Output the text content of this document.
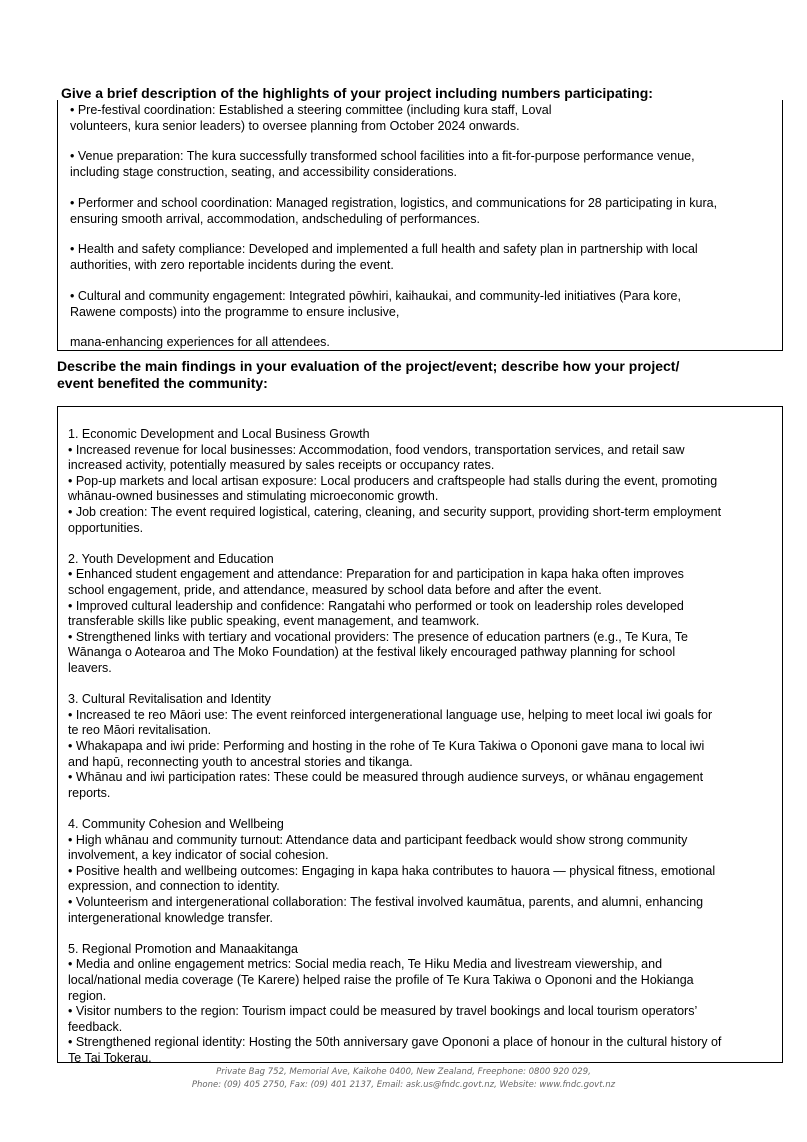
Give a brief description of the highlights of your project including numbers participating:

• Pre-festival coordination: Established a steering committee (including kura staff, Loval
volunteers, kura senior leaders) to oversee planning from October 2024 onwards.

• Venue preparation: The kura successfully transformed school facilities into a fit-for-purpose performance venue,
including stage construction, seating, and accessibility considerations.

• Performer and school coordination: Managed registration, logistics, and communications for 28 participating in kura,
ensuring smooth arrival, accommodation, andscheduling of performances.

• Health and safety compliance: Developed and implemented a full health and safety plan in partnership with local
authorities, with zero reportable incidents during the event.

• Cultural and community engagement: Integrated pōwhiri, kaihaukai, and community-led initiatives (Para kore,
Rawene composts) into the programme to ensure inclusive,

mana-enhancing experiences for all attendees.

Describe the main findings in your evaluation of the project/event; describe how your project/
event benefited the community:
1. Economic Development and Local Business Growth
• Increased revenue for local businesses: Accommodation, food vendors, transportation services, and retail saw
increased activity, potentially measured by sales receipts or occupancy rates.
• Pop-up markets and local artisan exposure: Local producers and craftspeople had stalls during the event, promoting
whānau-owned businesses and stimulating microeconomic growth.
• Job creation: The event required logistical, catering, cleaning, and security support, providing short-term employment
opportunities.
2. Youth Development and Education
• Enhanced student engagement and attendance: Preparation for and participation in kapa haka often improves
school engagement, pride, and attendance, measured by school data before and after the event.
• Improved cultural leadership and confidence: Rangatahi who performed or took on leadership roles developed
transferable skills like public speaking, event management, and teamwork.
• Strengthened links with tertiary and vocational providers: The presence of education partners (e.g., Te Kura, Te
Wānanga o Aotearoa and The Moko Foundation) at the festival likely encouraged pathway planning for school
leavers.
3. Cultural Revitalisation and Identity
• Increased te reo Māori use: The event reinforced intergenerational language use, helping to meet local iwi goals for
te reo Māori revitalisation.
• Whakapapa and iwi pride: Performing and hosting in the rohe of Te Kura Takiwa o Opononi gave mana to local iwi
and hapū, reconnecting youth to ancestral stories and tikanga.
• Whānau and iwi participation rates: These could be measured through audience surveys, or whānau engagement
reports.
4. Community Cohesion and Wellbeing
• High whānau and community turnout: Attendance data and participant feedback would show strong community
involvement, a key indicator of social cohesion.
• Positive health and wellbeing outcomes: Engaging in kapa haka contributes to hauora — physical fitness, emotional
expression, and connection to identity.
• Volunteerism and intergenerational collaboration: The festival involved kaumātua, parents, and alumni, enhancing
intergenerational knowledge transfer.
5. Regional Promotion and Manaakitanga
• Media and online engagement metrics: Social media reach, Te Hiku Media and livestream viewership, and
local/national media coverage (Te Karere) helped raise the profile of Te Kura Takiwa o Opononi and the Hokianga
region.
• Visitor numbers to the region: Tourism impact could be measured by travel bookings and local tourism operators’
feedback.
• Strengthened regional identity: Hosting the 50th anniversary gave Opononi a place of honour in the cultural history of
Te Tai Tokerau.
Private Bag 752, Memorial Ave, Kaikohe 0400, New Zealand, Freephone: 0800 920 029,
Phone: (09) 405 2750, Fax: (09) 401 2137, Email: ask.us@fndc.govt.nz, Website: www.fndc.govt.nz
